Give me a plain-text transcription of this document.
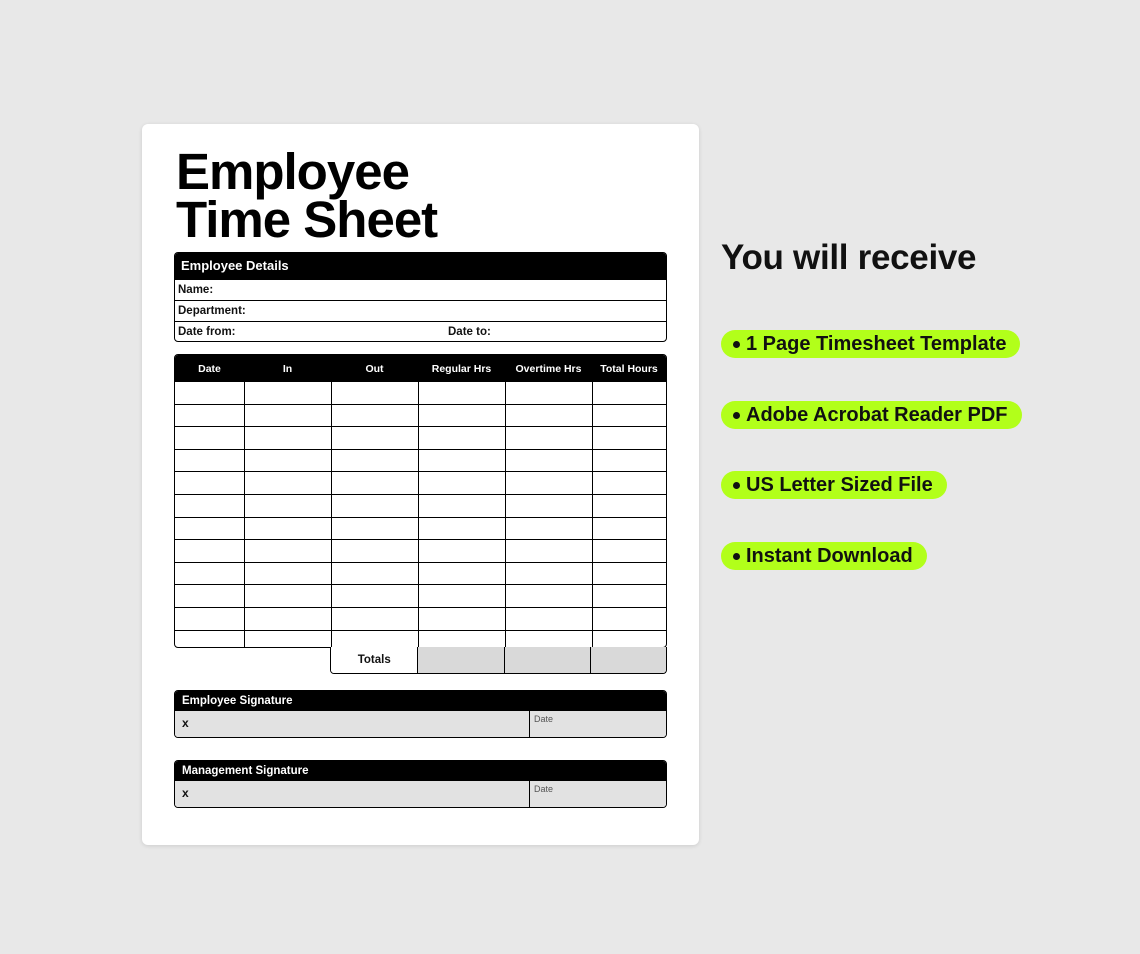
Employee
Time Sheet
Employee Details
Name:
Department:
Date from:	Date to:
Date	In	Out	Regular Hrs	Overtime Hrs	Total Hours
Totals
Employee Signature
x	Date
Management Signature
x	Date
You will receive
1 Page Timesheet Template
Adobe Acrobat Reader PDF
US Letter Sized File
Instant Download
